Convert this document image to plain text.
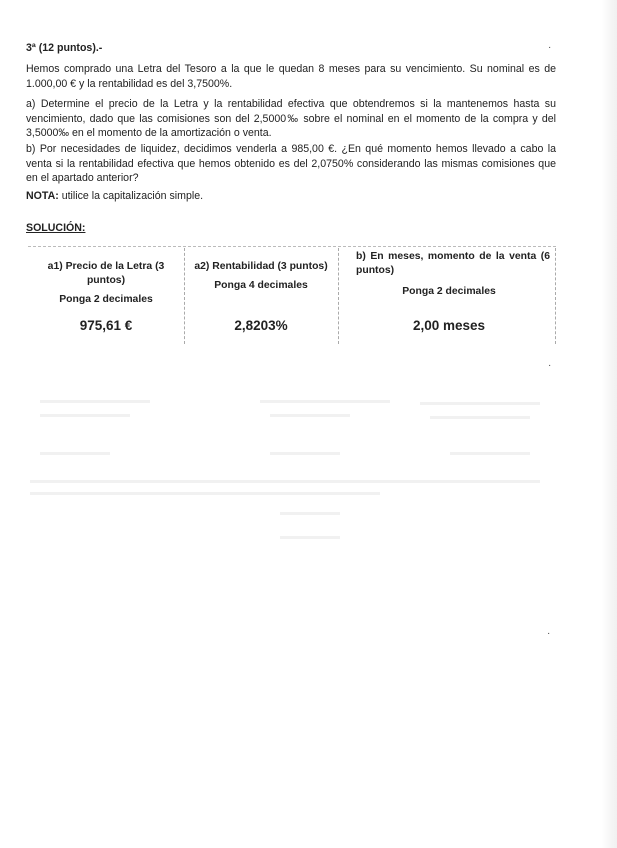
3ª (12 puntos).-

Hemos comprado una Letra del Tesoro a la que le quedan 8 meses para su vencimiento. Su nominal es de 1.000,00 € y la rentabilidad es del 3,7500%.

a) Determine el precio de la Letra y la rentabilidad efectiva que obtendremos si la mantenemos hasta su vencimiento, dado que las comisiones son del 2,5000‰ sobre el nominal en el momento de la compra y del 3,5000‰ en el momento de la amortización o venta.

b) Por necesidades de liquidez, decidimos venderla a 985,00 €. ¿En qué momento hemos llevado a cabo la venta si la rentabilidad efectiva que hemos obtenido es del 2,0750% considerando las mismas comisiones que en el apartado anterior?

NOTA: utilice la capitalización simple.

SOLUCIÓN:
a1) Precio de la Letra (3 puntos)
Ponga 2 decimales
975,61 €
a2) Rentabilidad (3 puntos)
Ponga 4 decimales
2,8203%
b) En meses, momento de la venta (6 puntos)
Ponga 2 decimales
2,00 meses
·
·
·
